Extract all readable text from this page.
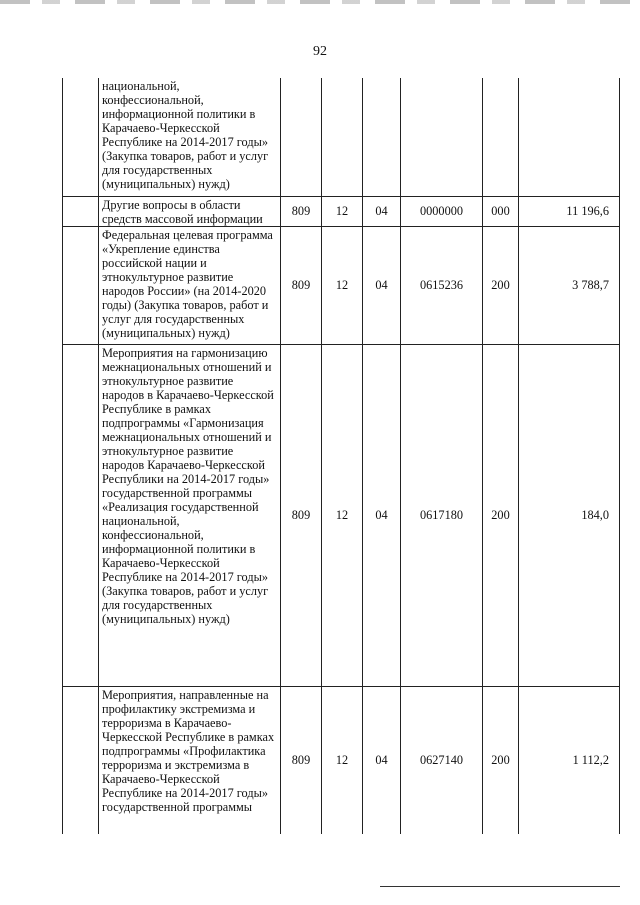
92
	национальной, конфессиональной, информационной политики в Карачаево-Черкесской Республике на 2014-2017 годы» (Закупка товаров, работ и услуг для государственных (муниципальных) нужд)						
	Другие вопросы в области средств массовой информации	809	12	04	0000000	000	11 196,6
	Федеральная целевая программа «Укрепление единства российской нации и этнокультурное развитие народов России» (на 2014-2020 годы) (Закупка товаров, работ и услуг для государственных (муниципальных) нужд)	809	12	04	0615236	200	3 788,7
	Мероприятия на гармонизацию межнациональных отношений и этнокультурное развитие народов в Карачаево-Черкесской Республике в рамках подпрограммы «Гармонизация межнациональных отношений и этнокультурное развитие народов Карачаево-Черкесской Республики на 2014-2017 годы» государственной программы «Реализация государственной национальной, конфессиональной, информационной политики в Карачаево-Черкесской Республике на 2014-2017 годы» (Закупка товаров, работ и услуг для государственных (муниципальных) нужд)	809	12	04	0617180	200	184,0
	Мероприятия, направленные на профилактику экстремизма и терроризма в Карачаево-Черкесской Республике в рамках подпрограммы «Профилактика терроризма и экстремизма в Карачаево-Черкесской Республике на 2014-2017 годы» государственной программы	809	12	04	0627140	200	1 112,2
